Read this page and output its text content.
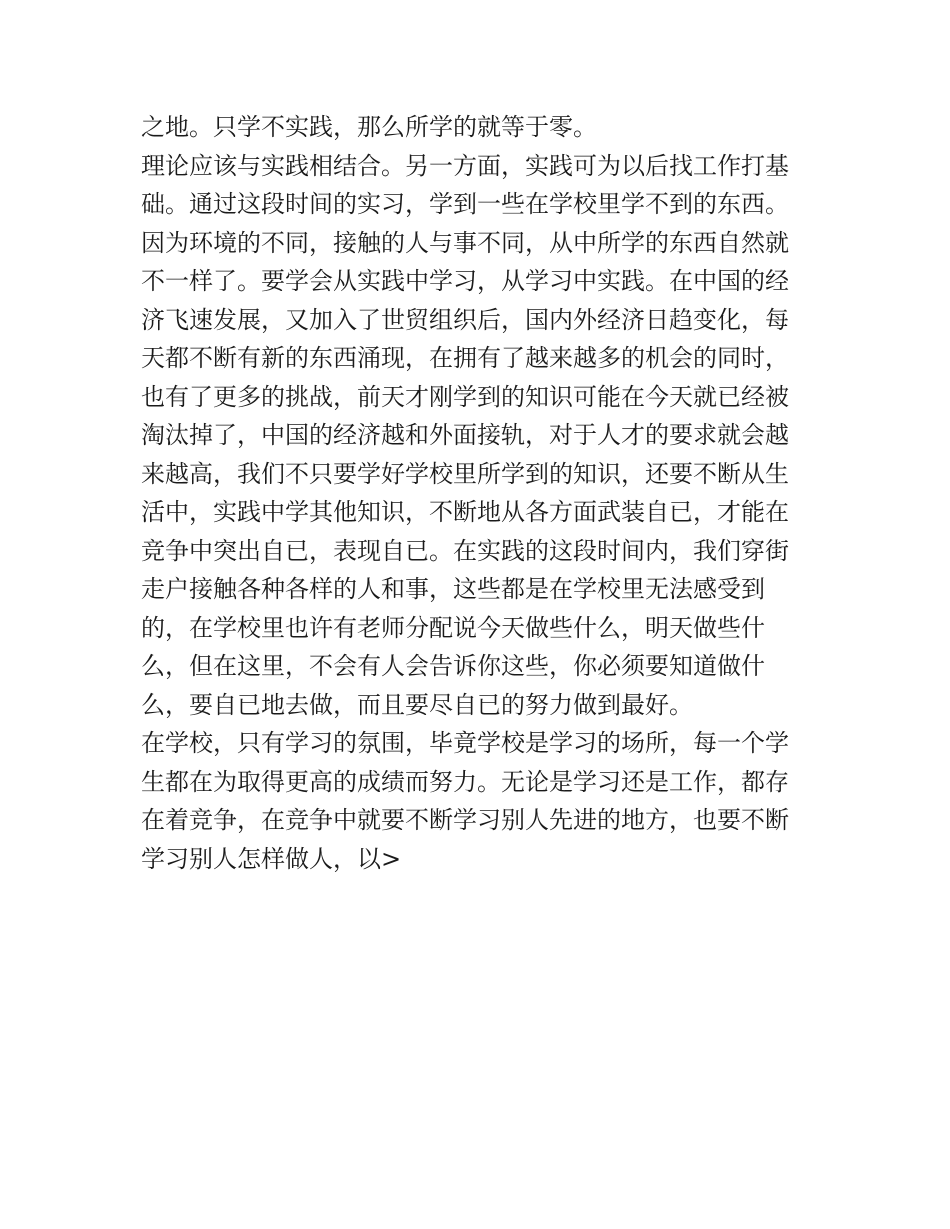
之地。只学不实践，那么所学的就等于零。
理论应该与实践相结合。另一方面，实践可为以后找工作打基
础。通过这段时间的实习，学到一些在学校里学不到的东西。
因为环境的不同，接触的人与事不同，从中所学的东西自然就
不一样了。要学会从实践中学习，从学习中实践。在中国的经
济飞速发展，又加入了世贸组织后，国内外经济日趋变化，每
天都不断有新的东西涌现，在拥有了越来越多的机会的同时，
也有了更多的挑战，前天才刚学到的知识可能在今天就已经被
淘汰掉了，中国的经济越和外面接轨，对于人才的要求就会越
来越高，我们不只要学好学校里所学到的知识，还要不断从生
活中，实践中学其他知识，不断地从各方面武装自已，才能在
竞争中突出自已，表现自已。在实践的这段时间内，我们穿街
走户接触各种各样的人和事，这些都是在学校里无法感受到
的，在学校里也许有老师分配说今天做些什么，明天做些什
么，但在这里，不会有人会告诉你这些，你必须要知道做什
么，要自已地去做，而且要尽自已的努力做到最好。
在学校，只有学习的氛围，毕竟学校是学习的场所，每一个学
生都在为取得更高的成绩而努力。无论是学习还是工作，都存
在着竞争，在竞争中就要不断学习别人先进的地方，也要不断
学习别人怎样做人，以>
